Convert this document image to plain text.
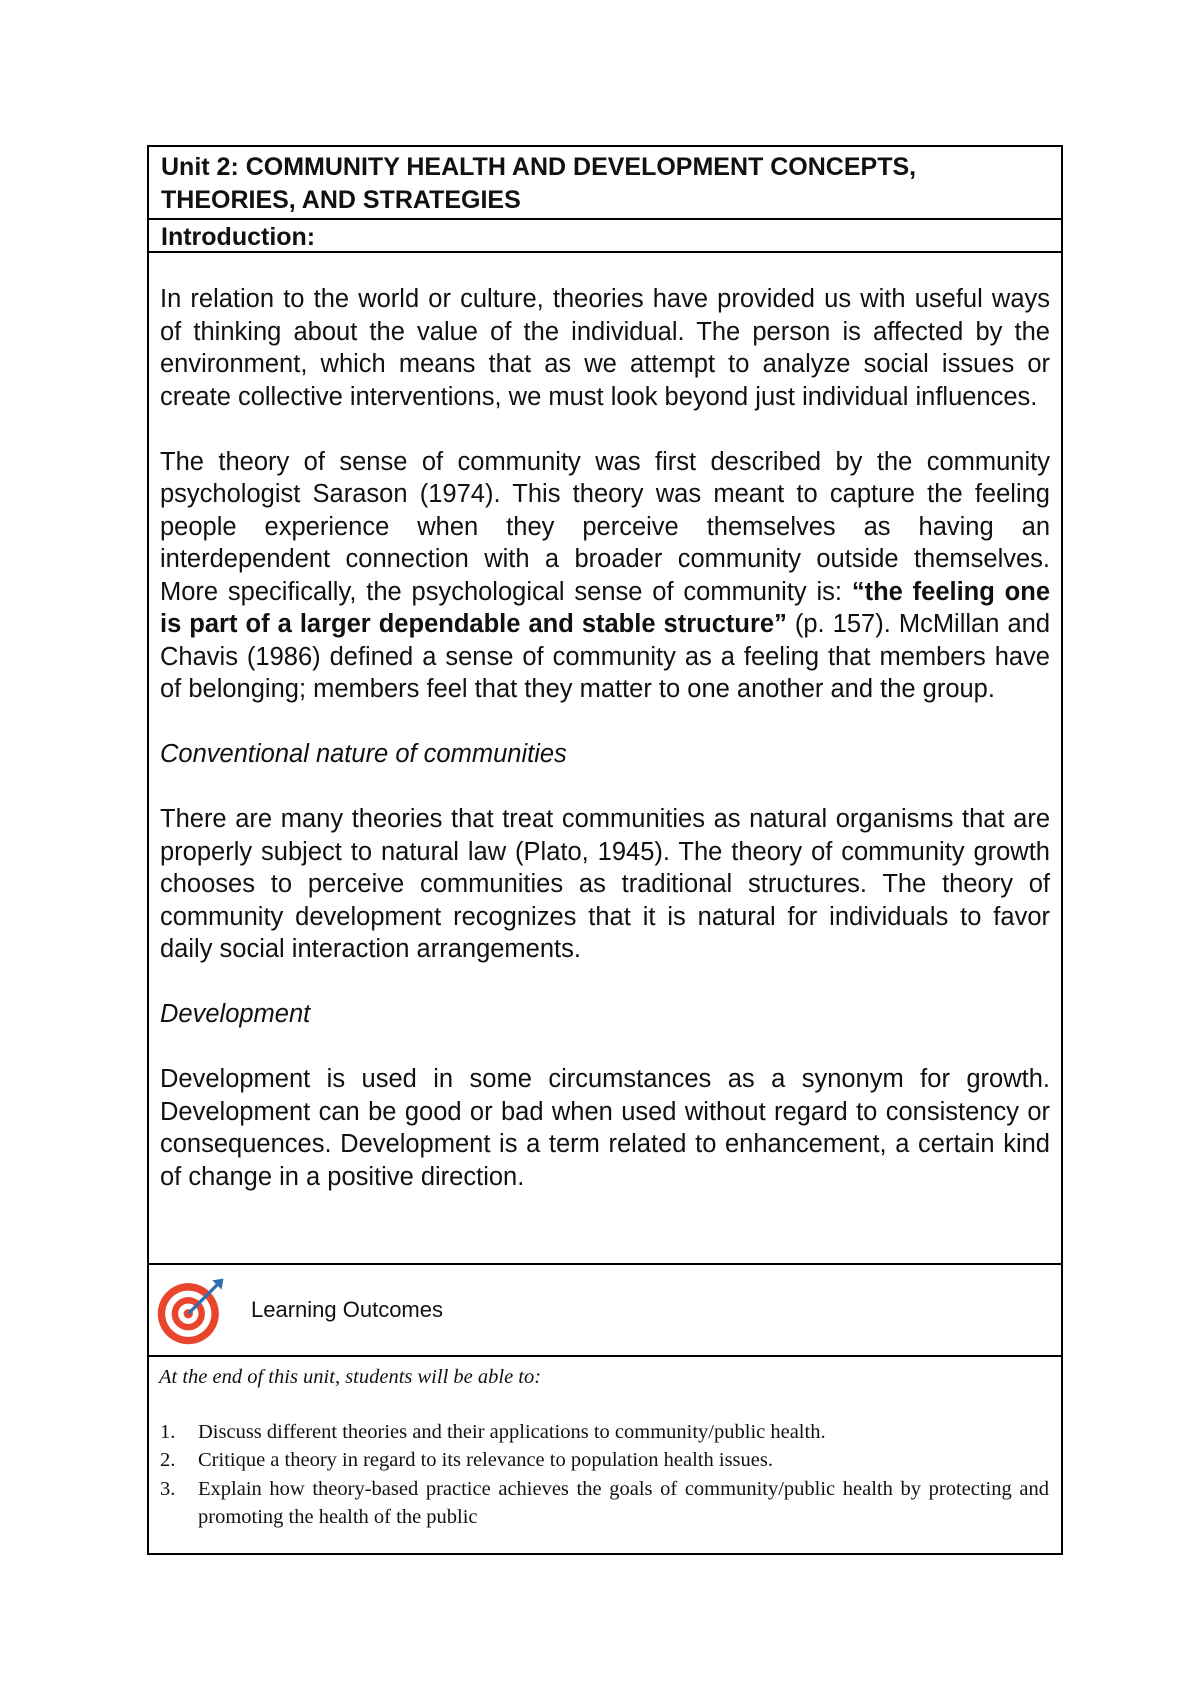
Unit 2: COMMUNITY HEALTH AND DEVELOPMENT CONCEPTS,
THEORIES, AND STRATEGIES
Introduction:

In relation to the world or culture, theories have provided us with useful ways of thinking about the value of the individual. The person is affected by the environment, which means that as we attempt to analyze social issues or create collective interventions, we must look beyond just individual influences.

The theory of sense of community was first described by the community psychologist Sarason (1974). This theory was meant to capture the feeling people experience when they perceive themselves as having an interdependent connection with a broader community outside themselves. More specifically, the psychological sense of community is: “the feeling one is part of a larger dependable and stable structure” (p. 157). McMillan and Chavis (1986) defined a sense of community as a feeling that members have of belonging; members feel that they matter to one another and the group.

Conventional nature of communities

There are many theories that treat communities as natural organisms that are properly subject to natural law (Plato, 1945). The theory of community growth chooses to perceive communities as traditional structures. The theory of community development recognizes that it is natural for individuals to favor daily social interaction arrangements.

Development

Development is used in some circumstances as a synonym for growth. Development can be good or bad when used without regard to consistency or consequences. Development is a term related to enhancement, a certain kind of change in a positive direction.

Learning Outcomes
At the end of this unit, students will be able to:
1.	Discuss different theories and their applications to community/public health.
2.	Critique a theory in regard to its relevance to population health issues.
3.	Explain how theory-based practice achieves the goals of community/public health by protecting and promoting the health of the public
